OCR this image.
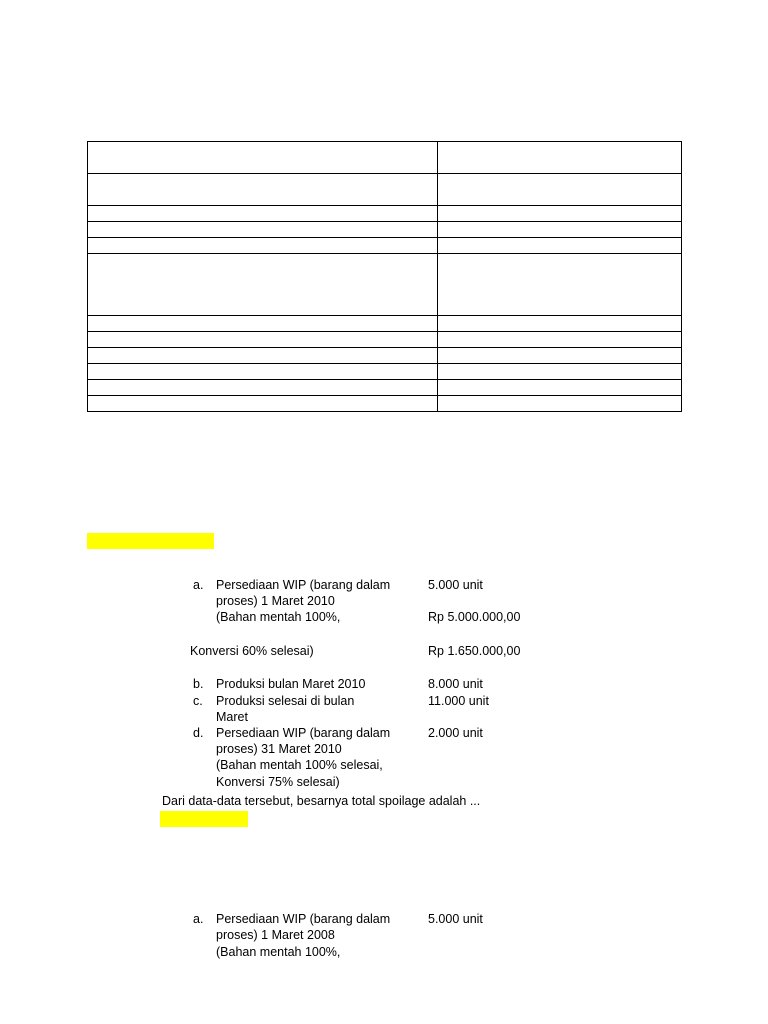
a. Persediaan WIP (barang dalam	5.000 unit
proses) 1 Maret 2010
(Bahan mentah 100%,	Rp 5.000.000,00
Konversi 60% selesai)	Rp 1.650.000,00
b. Produksi bulan Maret 2010	8.000 unit
c. Produksi selesai di bulan	11.000 unit
Maret
d. Persediaan WIP (barang dalam	2.000 unit
proses) 31 Maret 2010
(Bahan mentah 100% selesai,
Konversi 75% selesai)
Dari data-data tersebut, besarnya total spoilage adalah ...
a. Persediaan WIP (barang dalam	5.000 unit
proses) 1 Maret 2008
(Bahan mentah 100%,
